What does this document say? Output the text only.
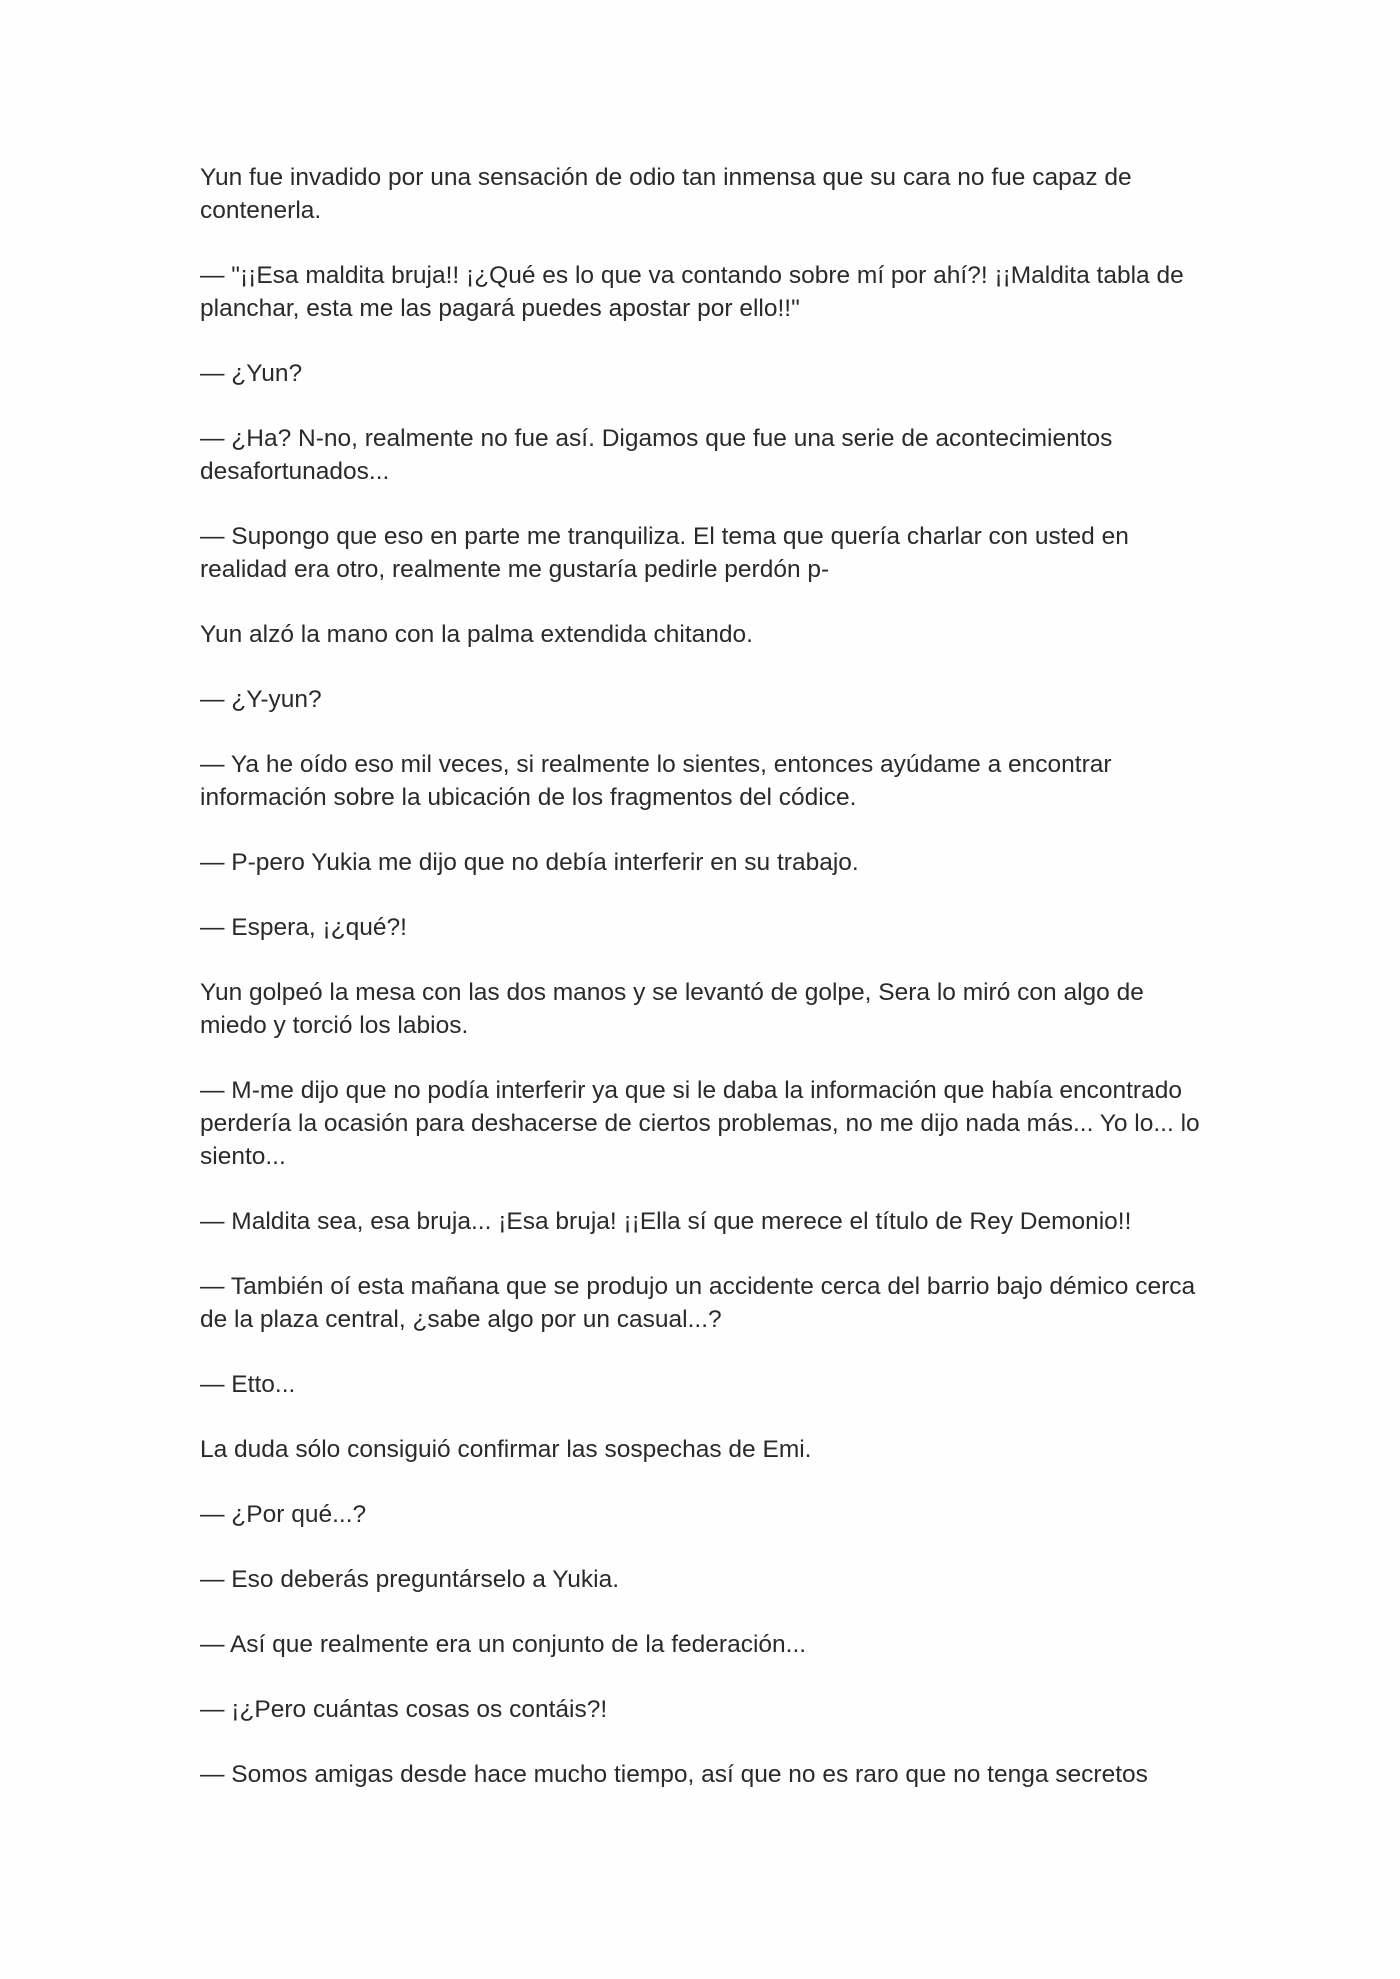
Yun fue invadido por una sensación de odio tan inmensa que su cara no fue capaz de contenerla.

— "¡¡Esa maldita bruja!! ¡¿Qué es lo que va contando sobre mí por ahí?! ¡¡Maldita tabla de planchar, esta me las pagará puedes apostar por ello!!"

— ¿Yun?

— ¿Ha? N-no, realmente no fue así. Digamos que fue una serie de acontecimientos desafortunados...

— Supongo que eso en parte me tranquiliza. El tema que quería charlar con usted en realidad era otro, realmente me gustaría pedirle perdón p-

Yun alzó la mano con la palma extendida chitando.

— ¿Y-yun?

— Ya he oído eso mil veces, si realmente lo sientes, entonces ayúdame a encontrar información sobre la ubicación de los fragmentos del códice.

— P-pero Yukia me dijo que no debía interferir en su trabajo.

— Espera, ¡¿qué?!

Yun golpeó la mesa con las dos manos y se levantó de golpe, Sera lo miró con algo de miedo y torció los labios.

— M-me dijo que no podía interferir ya que si le daba la información que había encontrado perdería la ocasión para deshacerse de ciertos problemas, no me dijo nada más... Yo lo... lo siento...

— Maldita sea, esa bruja... ¡Esa bruja! ¡¡Ella sí que merece el título de Rey Demonio!!

— También oí esta mañana que se produjo un accidente cerca del barrio bajo démico cerca de la plaza central, ¿sabe algo por un casual...?

— Etto...

La duda sólo consiguió confirmar las sospechas de Emi.

— ¿Por qué...?

— Eso deberás preguntárselo a Yukia.

— Así que realmente era un conjunto de la federación...

— ¡¿Pero cuántas cosas os contáis?!

— Somos amigas desde hace mucho tiempo, así que no es raro que no tenga secretos
